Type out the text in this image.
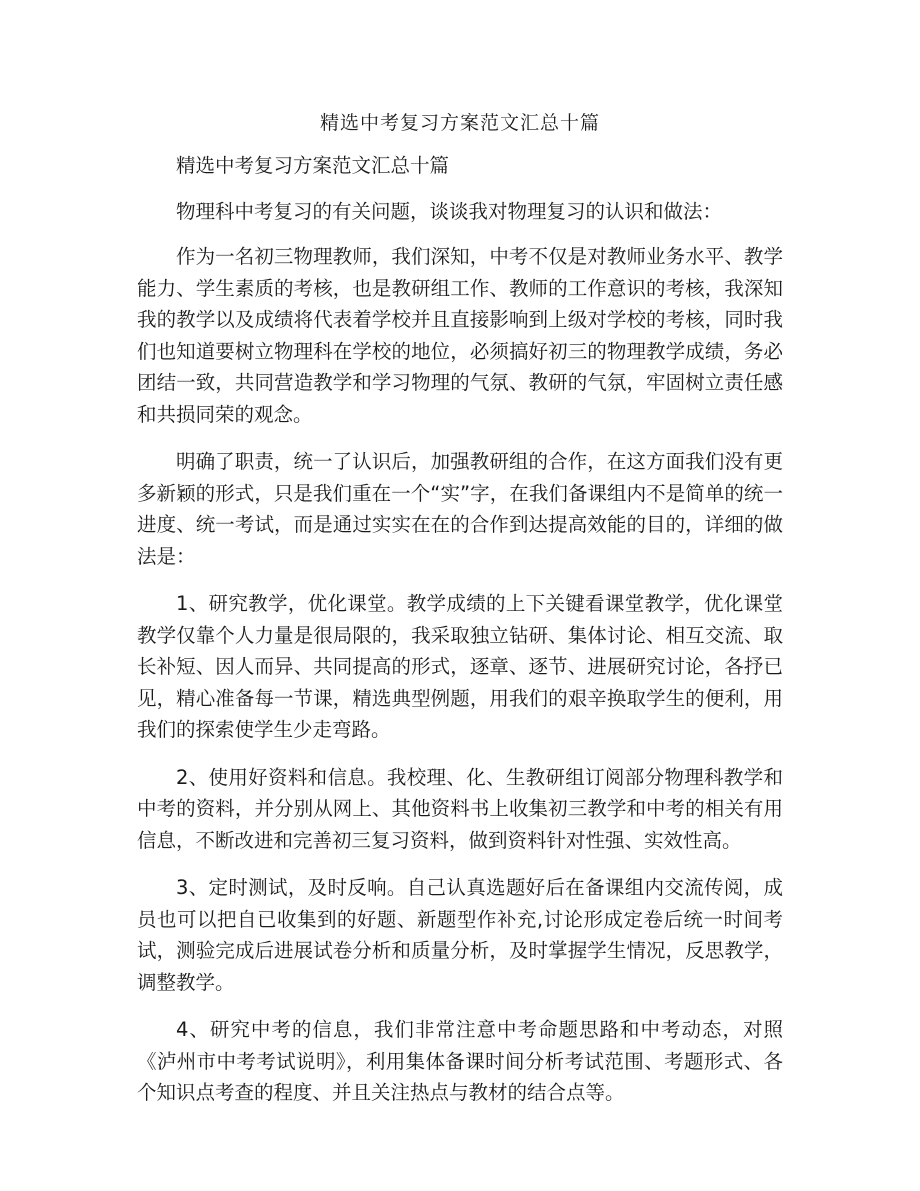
精选中考复习方案范文汇总十篇

精选中考复习方案范文汇总十篇

物理科中考复习的有关问题，谈谈我对物理复习的认识和做法：

作为一名初三物理教师，我们深知，中考不仅是对教师业务水平、教学能力、学生素质的考核，也是教研组工作、教师的工作意识的考核，我深知我的教学以及成绩将代表着学校并且直接影响到上级对学校的考核，同时我们也知道要树立物理科在学校的地位，必须搞好初三的物理教学成绩，务必团结一致，共同营造教学和学习物理的气氛、教研的气氛，牢固树立责任感和共损同荣的观念。

明确了职责，统一了认识后，加强教研组的合作，在这方面我们没有更多新颖的形式，只是我们重在一个“实”字，在我们备课组内不是简单的统一进度、统一考试，而是通过实实在在的合作到达提高效能的目的，详细的做法是：

1、研究教学，优化课堂。教学成绩的上下关键看课堂教学，优化课堂教学仅靠个人力量是很局限的，我采取独立钻研、集体讨论、相互交流、取长补短、因人而异、共同提高的形式，逐章、逐节、进展研究讨论，各抒已见，精心准备每一节课，精选典型例题，用我们的艰辛换取学生的便利，用我们的探索使学生少走弯路。

2、使用好资料和信息。我校理、化、生教研组订阅部分物理科教学和中考的资料，并分别从网上、其他资料书上收集初三教学和中考的相关有用信息，不断改进和完善初三复习资料，做到资料针对性强、实效性高。

3、定时测试，及时反响。自己认真选题好后在备课组内交流传阅，成员也可以把自已收集到的好题、新题型作补充,讨论形成定卷后统一时间考试，测验完成后进展试卷分析和质量分析，及时掌握学生情况，反思教学，调整教学。

4、研究中考的信息，我们非常注意中考命题思路和中考动态，对照《泸州市中考考试说明》，利用集体备课时间分析考试范围、考题形式、各个知识点考查的程度、并且关注热点与教材的结合点等。
